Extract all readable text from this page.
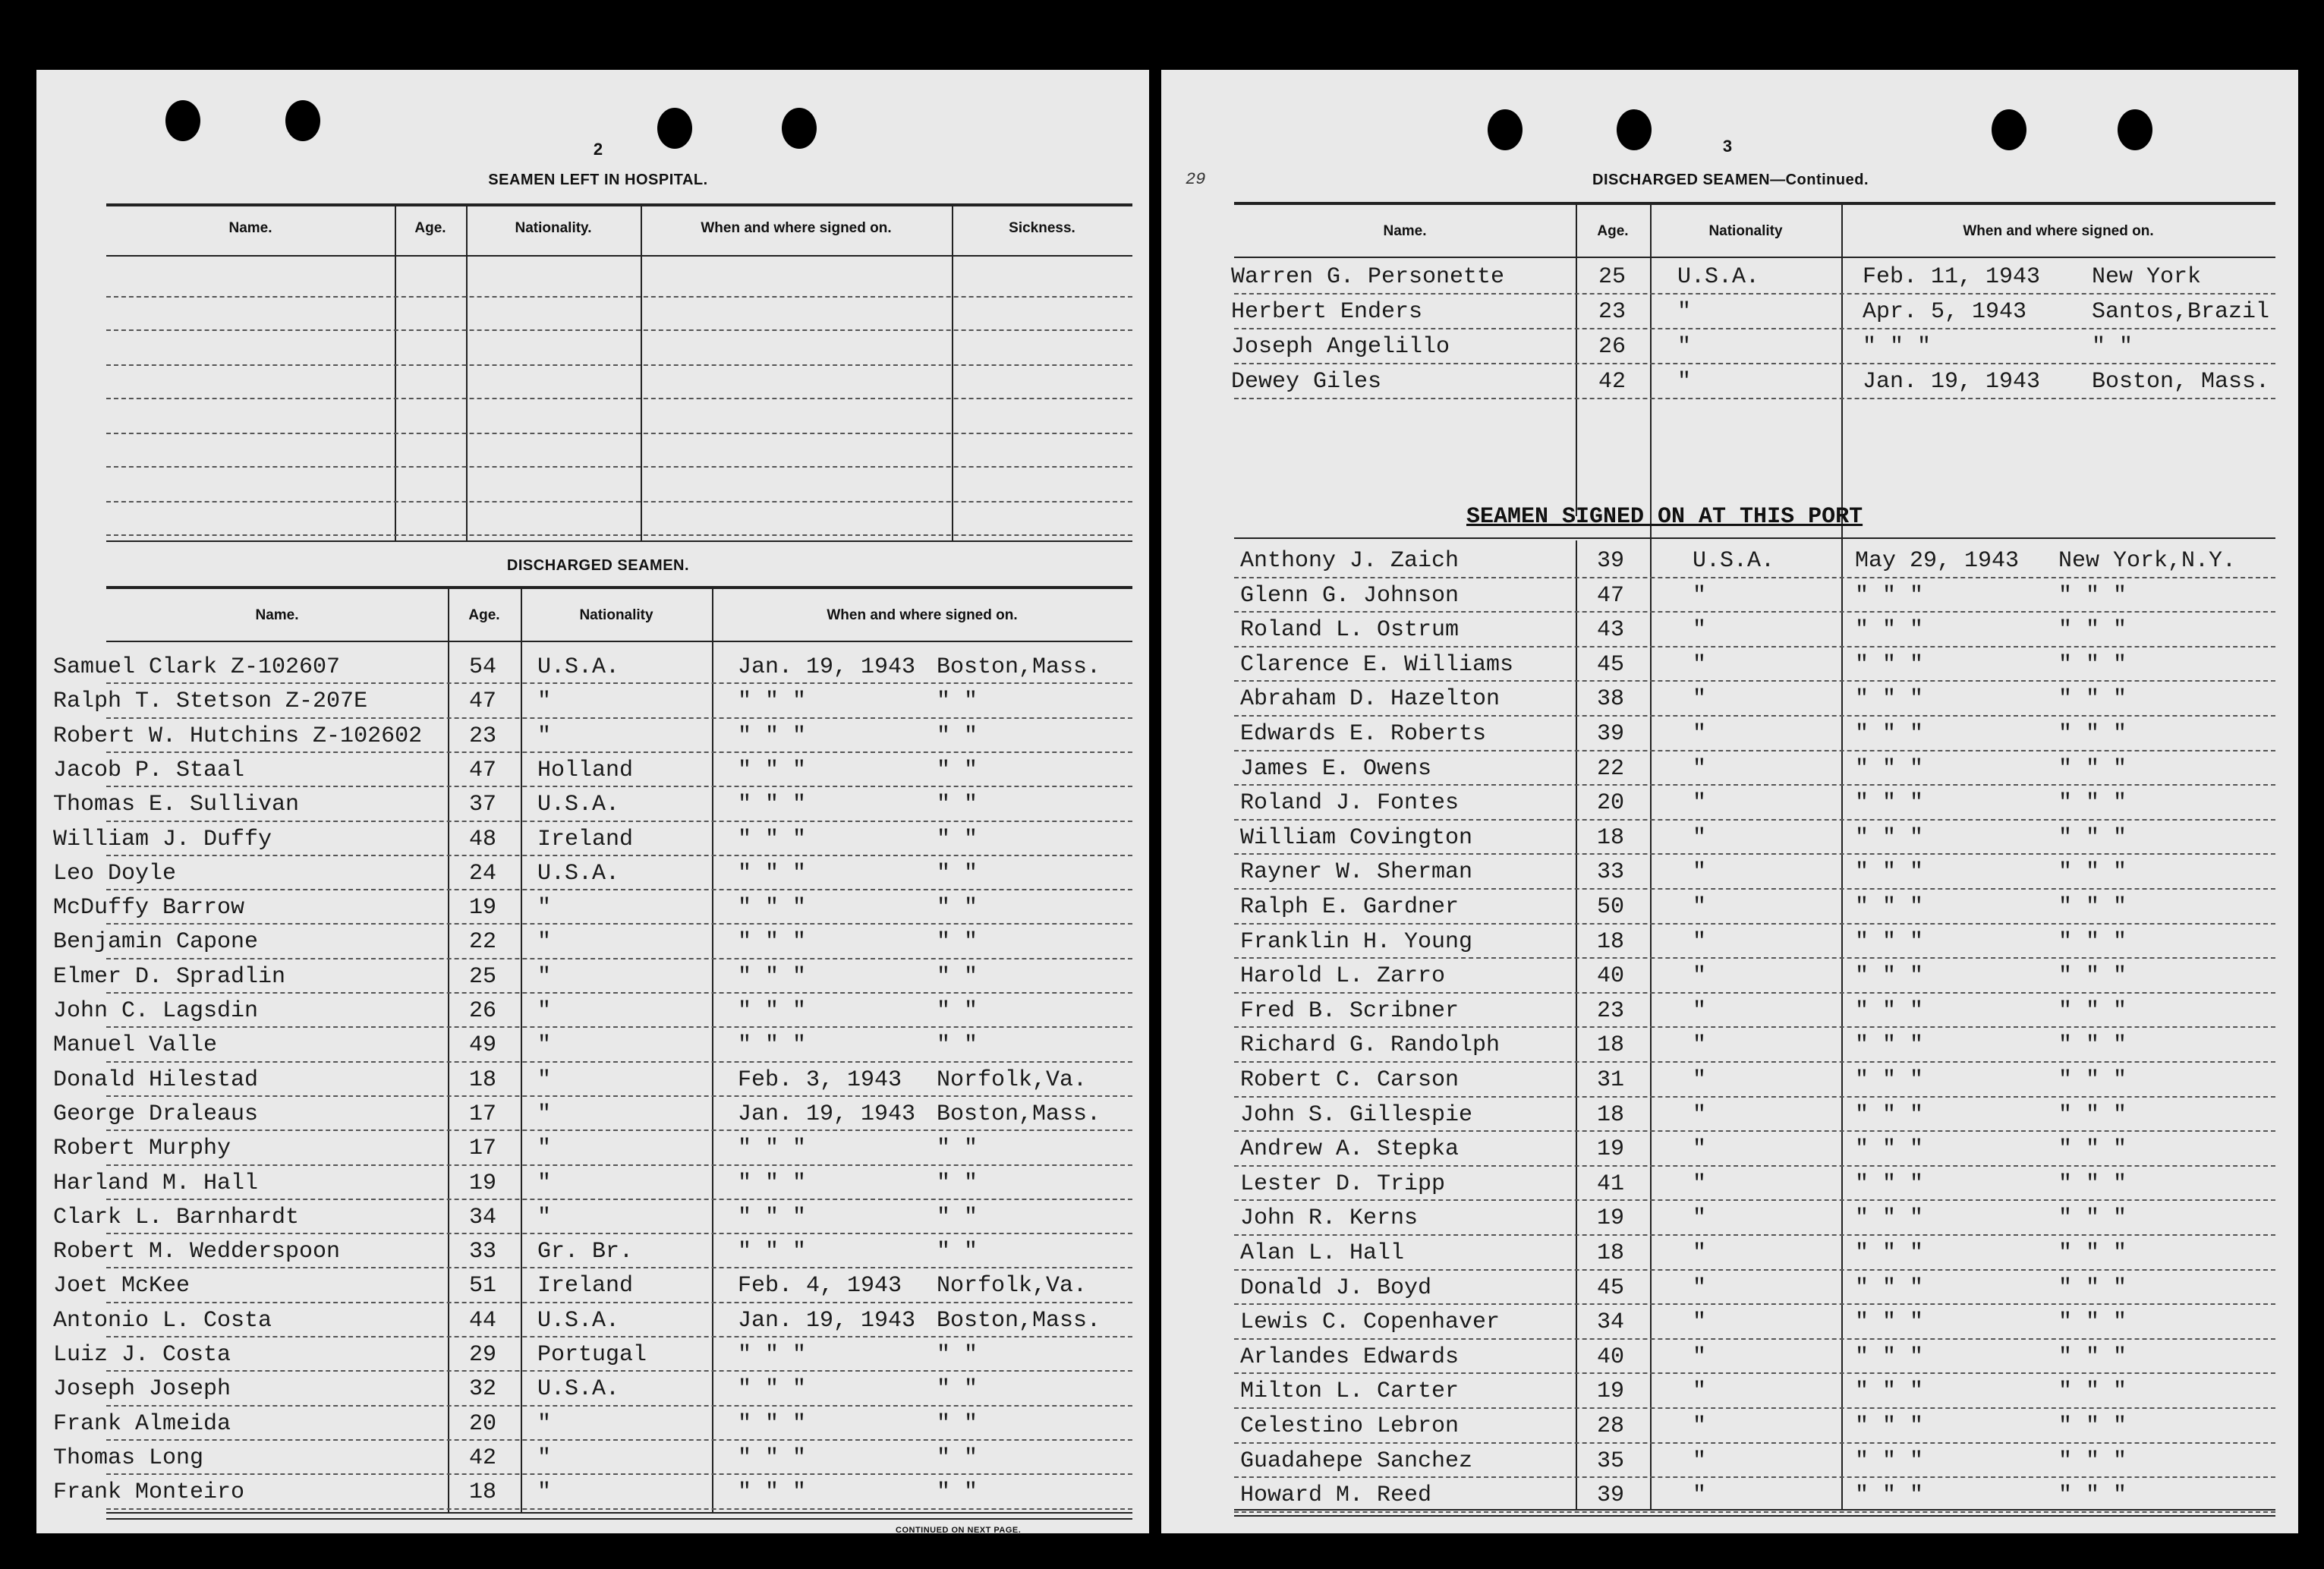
2
SEAMEN LEFT IN HOSPITAL.
Name.	Age.	Nationality.	When and where signed on.	Sickness.
DISCHARGED SEAMEN.
Name.	Age.	Nationality	When and where signed on.
Samuel Clark Z-102607	54 U.S.A.	Jan. 19, 1943 Boston,Mass.
Ralph T. Stetson Z-207E	47 "	" " "	" "
Robert W. Hutchins Z-102602 23 "	" " "	" "
Jacob P. Staal	47 Holland	" " "	" "
Thomas E. Sullivan	37 U.S.A.	" " "	" "
William J. Duffy	48 Ireland	" " "	" "
Leo Doyle	24 U.S.A.	" " "	" "
McDuffy Barrow	19 "	" " "	" "
Benjamin Capone	22 "	" " "	" "
Elmer D. Spradlin	25 "	" " "	" "
John C. Lagsdin	26 "	" " "	" "
Manuel Valle	49 "	" " "	" "
Donald Hilestad	18 "	Feb. 3, 1943 Norfolk,Va.
George Draleaus	17 "	Jan. 19, 1943 Boston,Mass.
Robert Murphy	17 "	" " "	" "
Harland M. Hall	19 "	" " "	" "
Clark L. Barnhardt	34 "	" " "	" "
Robert M. Wedderspoon	33 Gr. Br.	" " "	" "
Joet McKee	51 Ireland	Feb. 4, 1943 Norfolk,Va.
Antonio L. Costa	44 U.S.A.	Jan. 19, 1943 Boston,Mass.
Luiz J. Costa	29 Portugal	" " "	" "
Joseph Joseph	32 U.S.A.	" " "	" "
Frank Almeida	20 "	" " "	" "
Thomas Long	42 "	" " "	" "
Frank Monteiro	18 "	" " "	" "
CONTINUED ON NEXT PAGE.
29
3
DISCHARGED SEAMEN—Continued.
Name.	Age.	Nationality	When and where signed on.
Warren G. Personette	25 U.S.A.	Feb. 11, 1943 New York
Herbert Enders	23 "	Apr. 5, 1943	Santos,Brazil
Joseph Angelillo	26 "	" " "	" "
Dewey Giles	42 "	Jan. 19, 1943 Boston, Mass.
SEAMEN SIGNED ON AT THIS PORT
Anthony J. Zaich	39	U.S.A.	May 29, 1943 New York,N.Y.
Glenn G. Johnson	47	"	" " "	" " "
Roland L. Ostrum	43	"	" " "	" " "
Clarence E. Williams	45	"	" " "	" " "
Abraham D. Hazelton	38	"	" " "	" " "
Edwards E. Roberts	39	"	" " "	" " "
James E. Owens	22	"	" " "	" " "
Roland J. Fontes	20	"	" " "	" " "
William Covington	18	"	" " "	" " "
Rayner W. Sherman	33	"	" " "	" " "
Ralph E. Gardner	50	"	" " "	" " "
Franklin H. Young	18	"	" " "	" " "
Harold L. Zarro	40	"	" " "	" " "
Fred B. Scribner	23	"	" " "	" " "
Richard G. Randolph	18	"	" " "	" " "
Robert C. Carson	31	"	" " "	" " "
John S. Gillespie	18	"	" " "	" " "
Andrew A. Stepka	19	"	" " "	" " "
Lester D. Tripp	41	"	" " "	" " "
John R. Kerns	19	"	" " "	" " "
Alan L. Hall	18	"	" " "	" " "
Donald J. Boyd	45	"	" " "	" " "
Lewis C. Copenhaver	34	"	" " "	" " "
Arlandes Edwards	40	"	" " "	" " "
Milton L. Carter	19	"	" " "	" " "
Celestino Lebron	28	"	" " "	" " "
Guadahepe Sanchez	35	"	" " "	" " "
Howard M. Reed	39	"	" " "	" " "
